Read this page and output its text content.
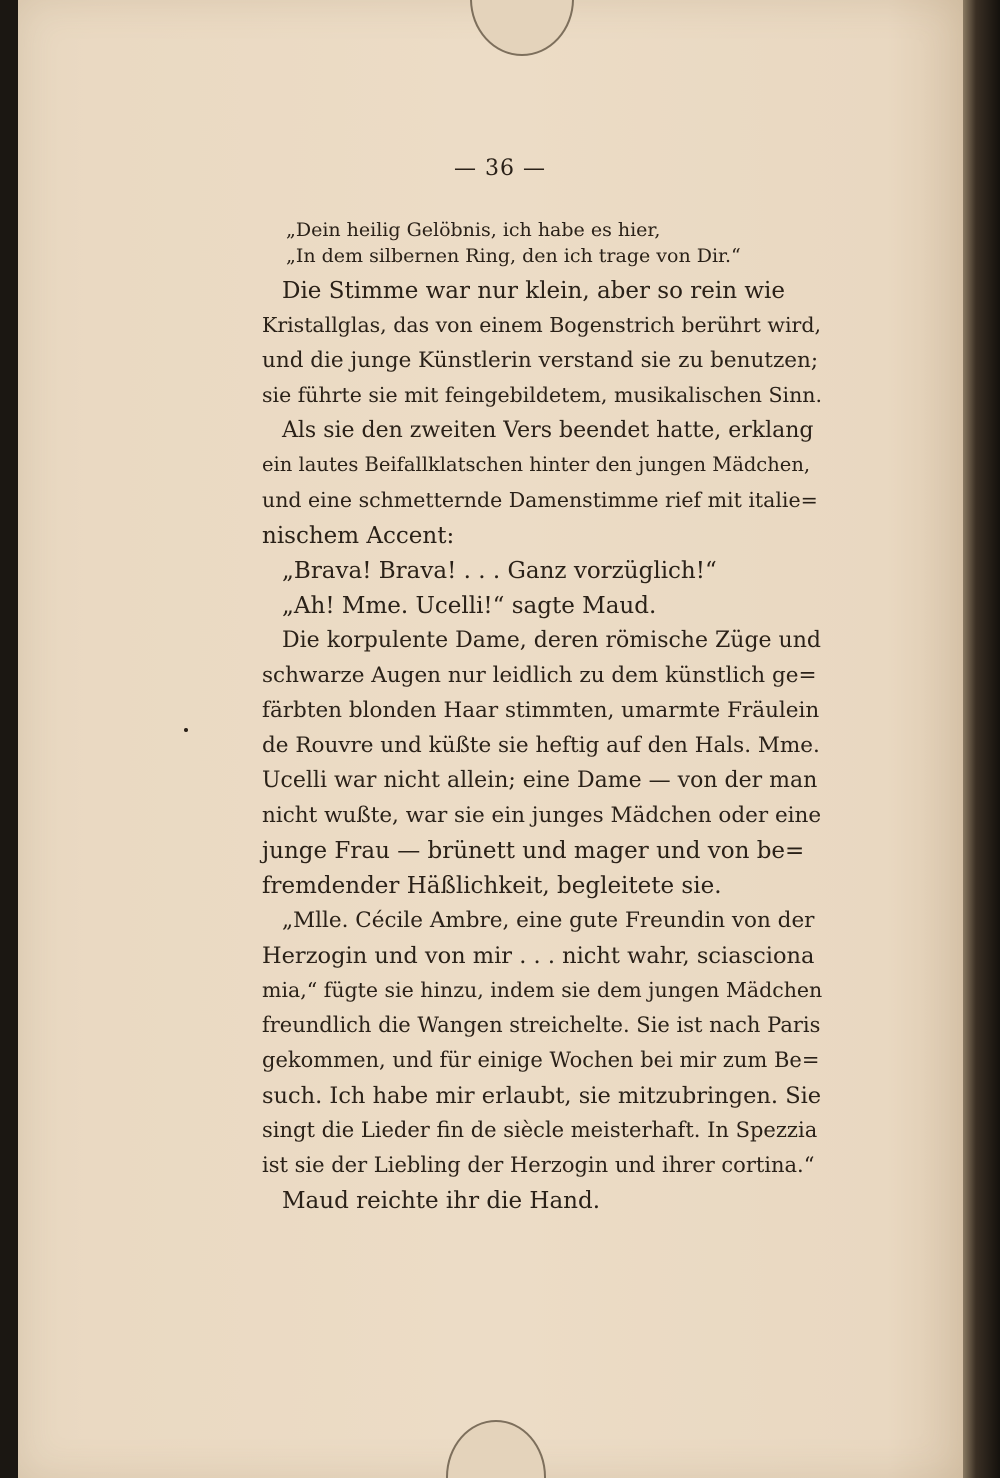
— 36 —
„Dein heilig Gelöbnis, ich habe es hier,
„In dem silbernen Ring, den ich trage von Dir.“
Die Stimme war nur klein, aber so rein wie
Kristallglas, das von einem Bogenstrich berührt wird,
und die junge Künstlerin verstand sie zu benutzen;
sie führte sie mit feingebildetem, musikalischen Sinn.
Als sie den zweiten Vers beendet hatte, erklang
ein lautes Beifallklatschen hinter den jungen Mädchen,
und eine schmetternde Damenstimme rief mit italie=
nischem Accent:
„Brava! Brava! . . . Ganz vorzüglich!“
„Ah! Mme. Ucelli!“ sagte Maud.
Die korpulente Dame, deren römische Züge und
schwarze Augen nur leidlich zu dem künstlich ge=
färbten blonden Haar stimmten, umarmte Fräulein
de Rouvre und küßte sie heftig auf den Hals. Mme.
Ucelli war nicht allein; eine Dame — von der man
nicht wußte, war sie ein junges Mädchen oder eine
junge Frau — brünett und mager und von be=
fremdender Häßlichkeit, begleitete sie.
„Mlle. Cécile Ambre, eine gute Freundin von der
Herzogin und von mir . . . nicht wahr, sciasciona
mia,“ fügte sie hinzu, indem sie dem jungen Mädchen
freundlich die Wangen streichelte. Sie ist nach Paris
gekommen, und für einige Wochen bei mir zum Be=
such. Ich habe mir erlaubt, sie mitzubringen. Sie
singt die Lieder fin de siècle meisterhaft. In Spezzia
ist sie der Liebling der Herzogin und ihrer cortina.“
Maud reichte ihr die Hand.
